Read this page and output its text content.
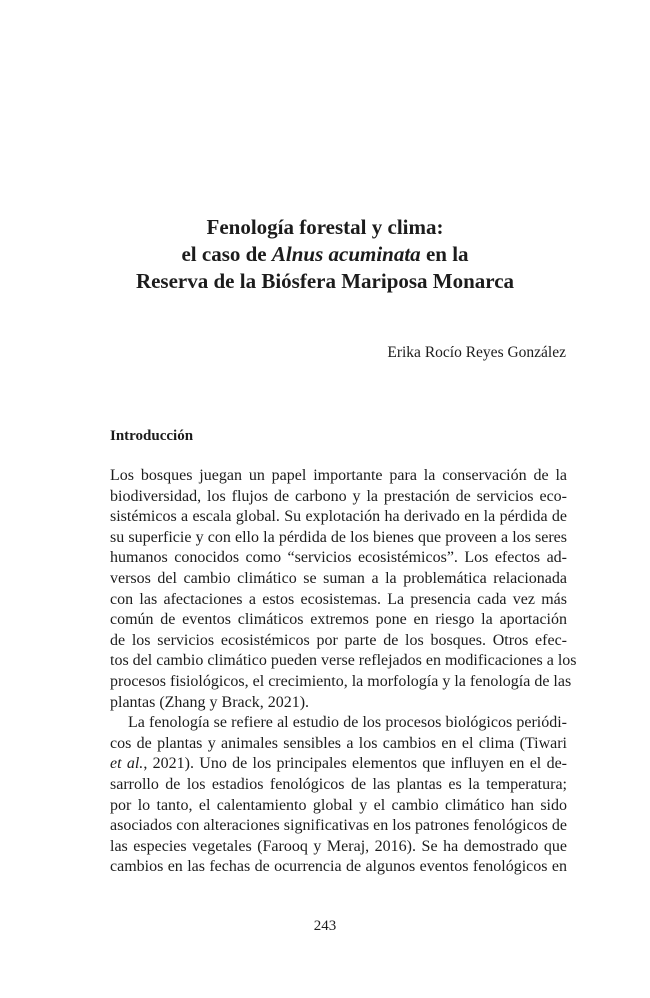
Fenología forestal y clima:
el caso de Alnus acuminata en la
Reserva de la Biósfera Mariposa Monarca

Erika Rocío Reyes González

Introducción
Los bosques juegan un papel importante para la conservación de la
biodiversidad, los flujos de carbono y la prestación de servicios eco-
sistémicos a escala global. Su explotación ha derivado en la pérdida de
su superficie y con ello la pérdida de los bienes que proveen a los seres
humanos conocidos como “servicios ecosistémicos”. Los efectos ad-
versos del cambio climático se suman a la problemática relacionada
con las afectaciones a estos ecosistemas. La presencia cada vez más
común de eventos climáticos extremos pone en riesgo la aportación
de los servicios ecosistémicos por parte de los bosques. Otros efec-
tos del cambio climático pueden verse reflejados en modificaciones a los
procesos fisiológicos, el crecimiento, la morfología y la fenología de las
plantas (Zhang y Brack, 2021).
La fenología se refiere al estudio de los procesos biológicos periódi-
cos de plantas y animales sensibles a los cambios en el clima (Tiwari
et al., 2021). Uno de los principales elementos que influyen en el de-
sarrollo de los estadios fenológicos de las plantas es la temperatura;
por lo tanto, el calentamiento global y el cambio climático han sido
asociados con alteraciones significativas en los patrones fenológicos de
las especies vegetales (Farooq y Meraj, 2016). Se ha demostrado que
cambios en las fechas de ocurrencia de algunos eventos fenológicos en

243
